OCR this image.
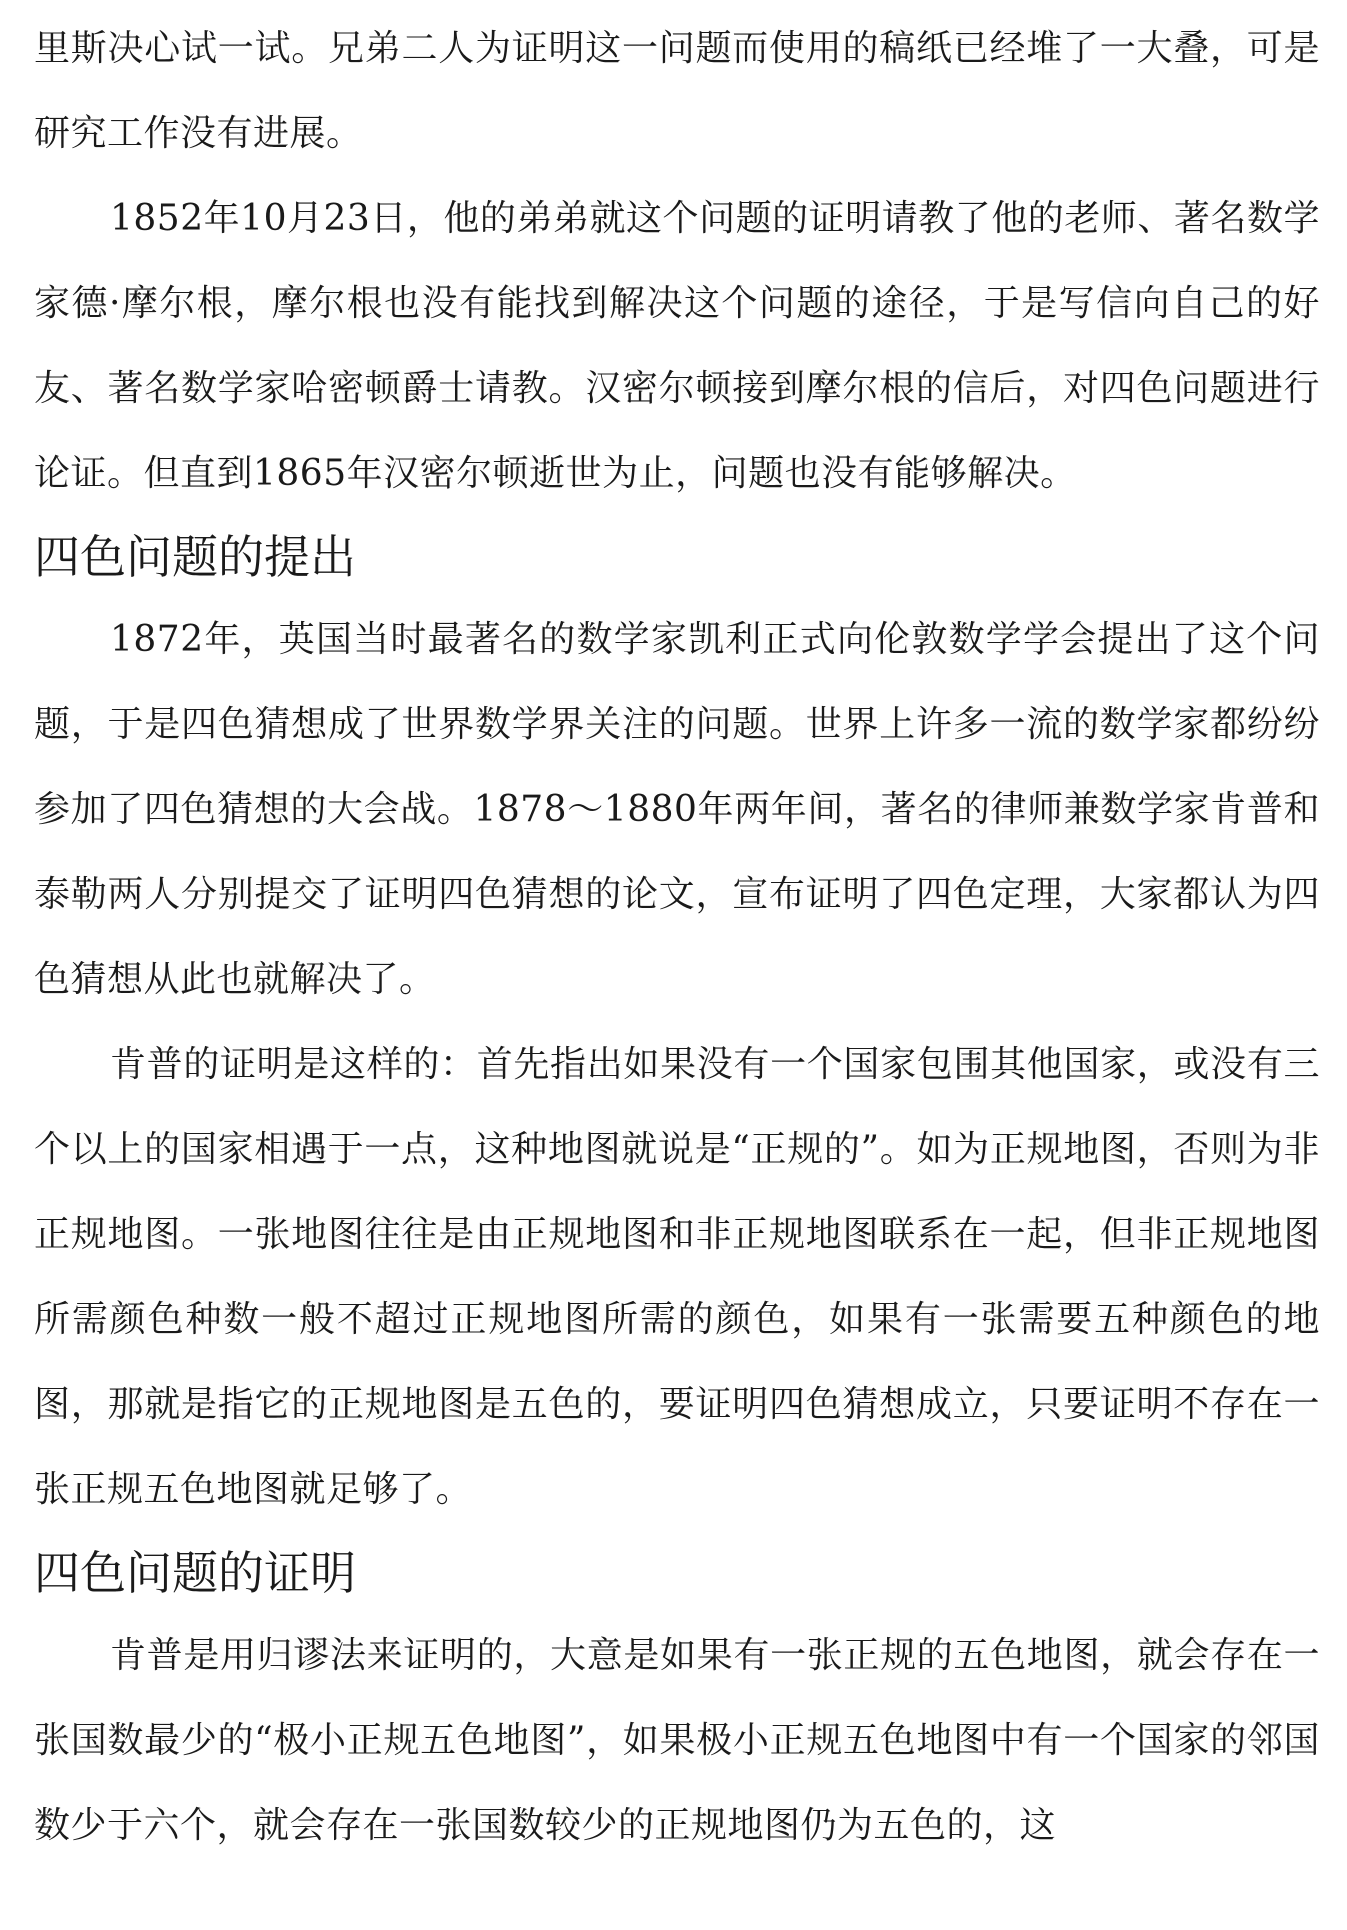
里斯决心试一试。兄弟二人为证明这一问题而使用的稿纸已经堆了一大叠，可是研究工作没有进展。

1852年10月23日，他的弟弟就这个问题的证明请教了他的老师、著名数学家德·摩尔根，摩尔根也没有能找到解决这个问题的途径，于是写信向自己的好友、著名数学家哈密顿爵士请教。汉密尔顿接到摩尔根的信后，对四色问题进行论证。但直到1865年汉密尔顿逝世为止，问题也没有能够解决。

四色问题的提出

1872年，英国当时最著名的数学家凯利正式向伦敦数学学会提出了这个问题，于是四色猜想成了世界数学界关注的问题。世界上许多一流的数学家都纷纷参加了四色猜想的大会战。1878～1880年两年间，著名的律师兼数学家肯普和泰勒两人分别提交了证明四色猜想的论文，宣布证明了四色定理，大家都认为四色猜想从此也就解决了。

肯普的证明是这样的：首先指出如果没有一个国家包围其他国家，或没有三个以上的国家相遇于一点，这种地图就说是“正规的”。如为正规地图，否则为非正规地图。一张地图往往是由正规地图和非正规地图联系在一起，但非正规地图所需颜色种数一般不超过正规地图所需的颜色，如果有一张需要五种颜色的地图，那就是指它的正规地图是五色的，要证明四色猜想成立，只要证明不存在一张正规五色地图就足够了。

四色问题的证明

肯普是用归谬法来证明的，大意是如果有一张正规的五色地图，就会存在一张国数最少的“极小正规五色地图”，如果极小正规五色地图中有一个国家的邻国数少于六个，就会存在一张国数较少的正规地图仍为五色的，这
